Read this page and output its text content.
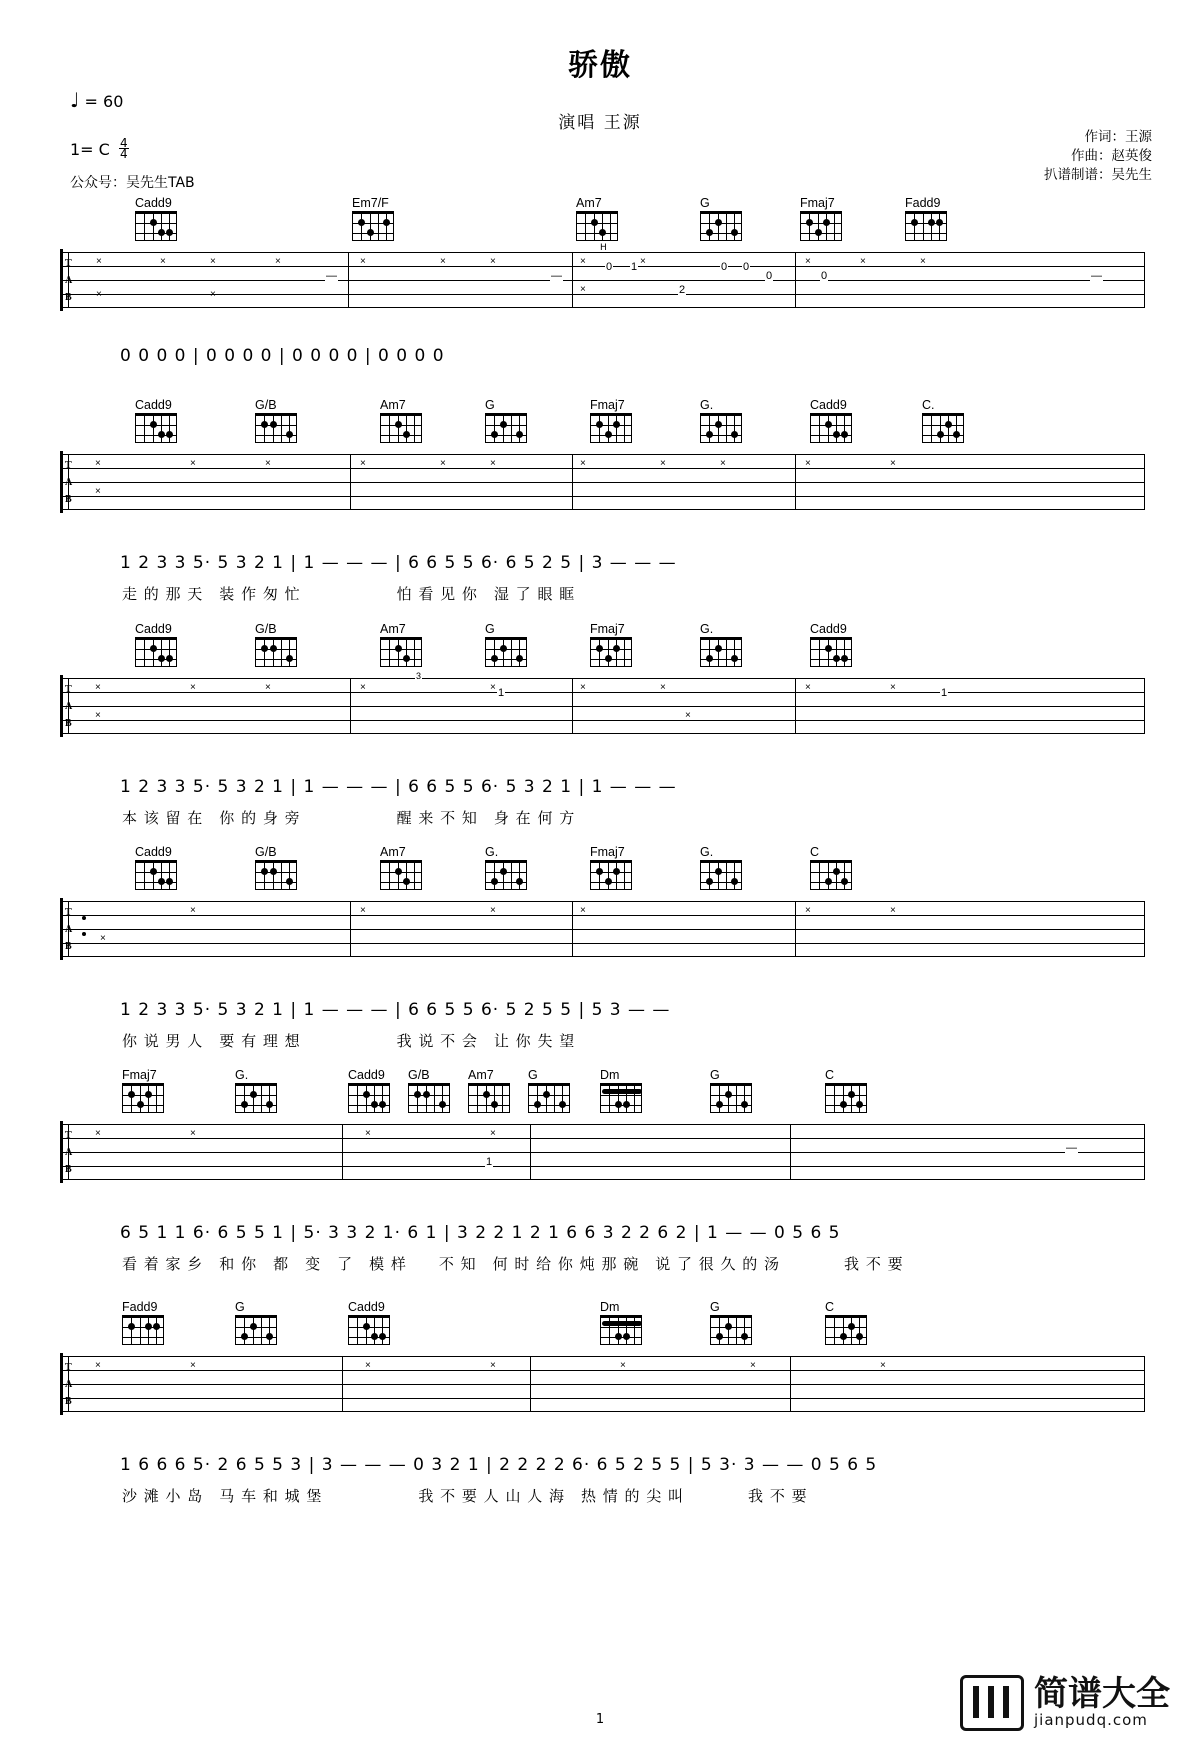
骄傲
演唱 王源
♩ = 60
1= C $\frac{4}{4}$
公众号：吴先生TAB
作词：王源
作曲：赵英俊
扒谱制谱：吴先生
Cadd9	Em7/F	Am7	G	Fmaj7	Fadd9
T
A
B
×
×
×	×
×
×	×	×	×	×	×
×
0 1
2
0 0
0	0
×	×	×
—	—	—
H
0 0 0 0 | 0 0 0 0 | 0 0 0 0 | 0 0 0 0
Cadd9	G/B	Am7	G	Fmaj7	G.	Cadd9	C.
T
A
B
×
×
×	×	×	×	×	×	×	×	×	×
1 2 3 3 5· 5 3 2 1 | 1 — — — | 6 6 5 5 6· 6 5 2 5 | 3 — — —
走 的 那 天　装 作 匆 忙　　　　　　怕 看 见 你　湿 了 眼 眶
Cadd9	G/B	Am7	G	Fmaj7	G.	Cadd9
T
A
B
×
×
×	×	×	×	×	×
×
×	×
3
1	1
1 2 3 3 5· 5 3 2 1 | 1 — — — | 6 6 5 5 6· 5 3 2 1 | 1 — — —
本 该 留 在　你 的 身 旁　　　　　　醒 来 不 知　身 在 何 方
Cadd9	G/B	Am7	G.	Fmaj7	G.	C
T
A
B
×
×	×	×	×	×	×
1 2 3 3 5· 5 3 2 1 | 1 — — — | 6 6 5 5 6· 5 2 5 5 | 5 3 — —
你 说 男 人　要 有 理 想　　　　　　我 说 不 会　让 你 失 望
Fmaj7	G.	Cadd9	G/B	Am7	G	Dm	G	C
T
A
B
×	×	×	×
1
—
6 5 1 1 6· 6 5 5 1 | 5· 3 3 2 1· 6 1 | 3 2 2 1 2 1 6 6 3 2 2 6 2 | 1 — — 0 5 6 5
看 着 家 乡　和 你　都　变　了　模 样　　不 知　何 时 给 你 炖 那 碗　说 了 很 久 的 汤　　　　我 不 要
Fadd9	G	Cadd9	Dm	G	C
T
A
B
×	×	×	×	×	×	×
1 6 6 6 5· 2 6 5 5 3 | 3 — — — 0 3 2 1 | 2 2 2 2 6· 6 5 2 5 5 | 5 3· 3 — — 0 5 6 5
沙 滩 小 岛　马 车 和 城 堡　　　　　　我 不 要 人 山 人 海　热 情 的 尖 叫　　　　我 不 要
1
简谱大全
jianpudq.com
